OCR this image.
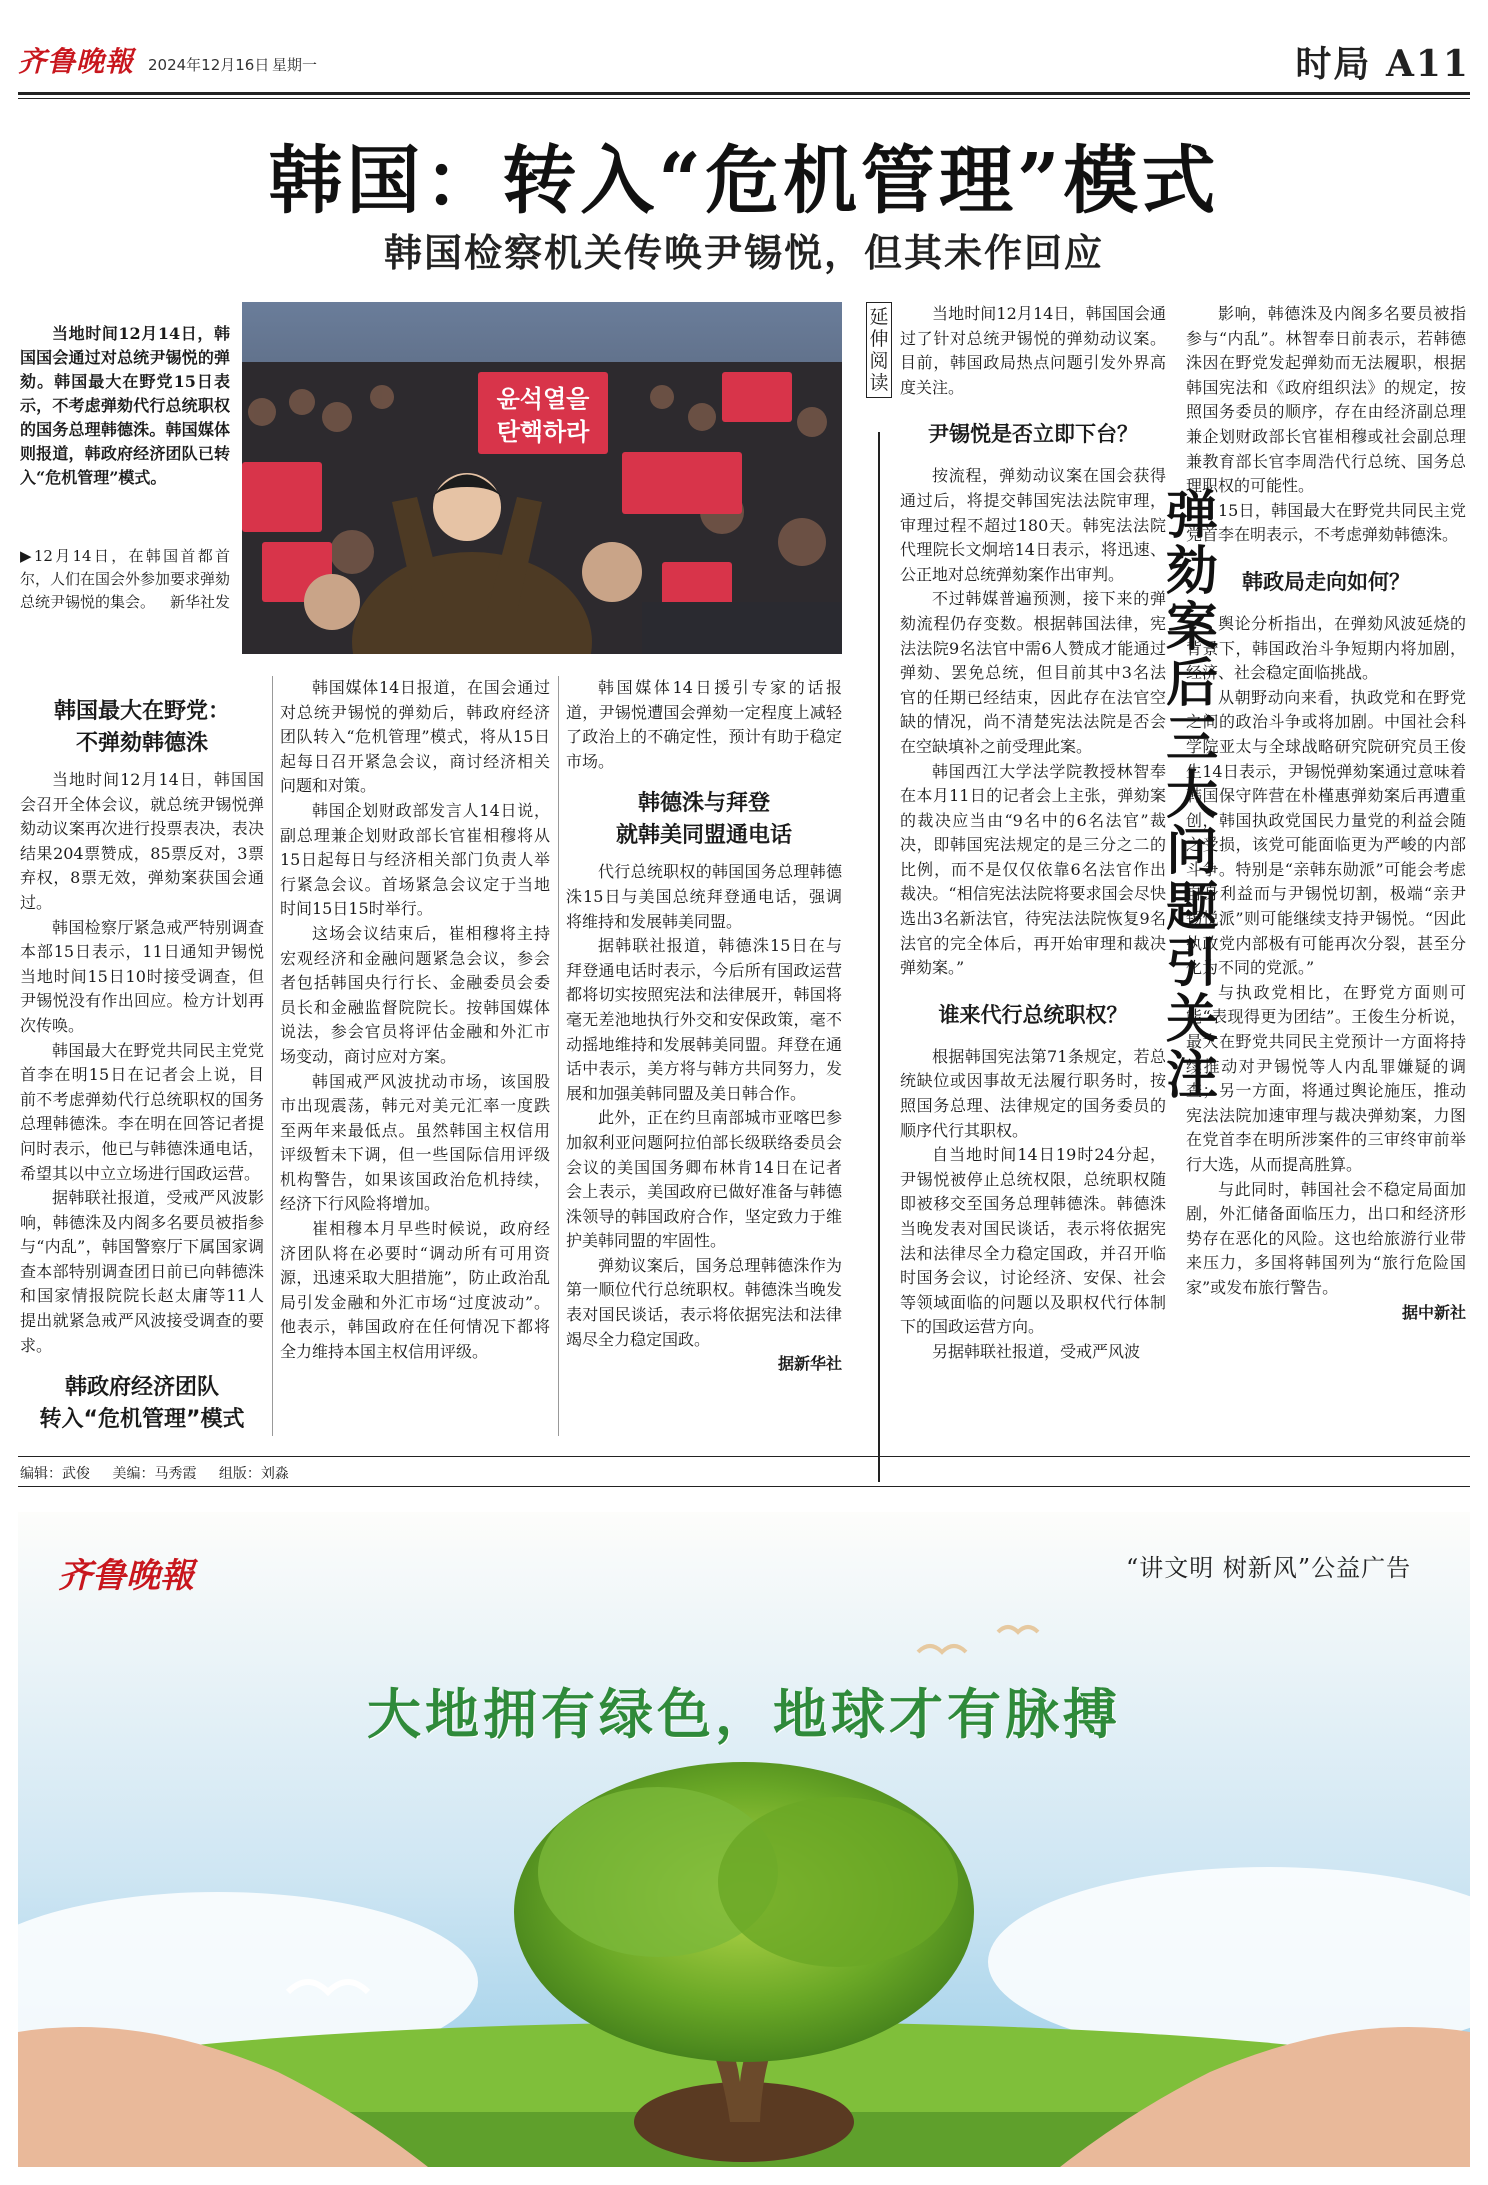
齐鲁晚報 2024年12月16日 星期一	时局 A11
韩国：转入“危机管理”模式
韩国检察机关传唤尹锡悦，但其未作回应

当地时间12月14日，韩国国会通过对总统尹锡悦的弹劾。韩国最大在野党15日表示，不考虑弹劾代行总统职权的国务总理韩德洙。韩国媒体则报道，韩政府经济团队已转入“危机管理”模式。

▶12月14日，在韩国首都首尔，人们在国会外参加要求弹劾总统尹锡悦的集会。 新华社发
윤석열을
탄핵하라
韩国最大在野党：
不弹劾韩德洙

当地时间12月14日，韩国国会召开全体会议，就总统尹锡悦弹劾动议案再次进行投票表决，表决结果204票赞成，85票反对，3票弃权，8票无效，弹劾案获国会通过。

韩国检察厅紧急戒严特别调查本部15日表示，11日通知尹锡悦当地时间15日10时接受调查，但尹锡悦没有作出回应。检方计划再次传唤。

韩国最大在野党共同民主党党首李在明15日在记者会上说，目前不考虑弹劾代行总统职权的国务总理韩德洙。李在明在回答记者提问时表示，他已与韩德洙通电话，希望其以中立立场进行国政运营。

据韩联社报道，受戒严风波影响，韩德洙及内阁多名要员被指参与“内乱”，韩国警察厅下属国家调查本部特别调查团日前已向韩德洙和国家情报院院长赵太庸等11人提出就紧急戒严风波接受调查的要求。

韩政府经济团队
转入“危机管理”模式

韩国媒体14日报道，在国会通过对总统尹锡悦的弹劾后，韩政府经济团队转入“危机管理”模式，将从15日起每日召开紧急会议，商讨经济相关问题和对策。

韩国企划财政部发言人14日说，副总理兼企划财政部长官崔相穆将从15日起每日与经济相关部门负责人举行紧急会议。首场紧急会议定于当地时间15日15时举行。

这场会议结束后，崔相穆将主持宏观经济和金融问题紧急会议，参会者包括韩国央行行长、金融委员会委员长和金融监督院院长。按韩国媒体说法，参会官员将评估金融和外汇市场变动，商讨应对方案。

韩国戒严风波扰动市场，该国股市出现震荡，韩元对美元汇率一度跌至两年来最低点。虽然韩国主权信用评级暂未下调，但一些国际信用评级机构警告，如果该国政治危机持续，经济下行风险将增加。

崔相穆本月早些时候说，政府经济团队将在必要时“调动所有可用资源，迅速采取大胆措施”，防止政治乱局引发金融和外汇市场“过度波动”。他表示，韩国政府在任何情况下都将全力维持本国主权信用评级。

韩国媒体14日援引专家的话报道，尹锡悦遭国会弹劾一定程度上减轻了政治上的不确定性，预计有助于稳定市场。

韩德洙与拜登
就韩美同盟通电话

代行总统职权的韩国国务总理韩德洙15日与美国总统拜登通电话，强调将维持和发展韩美同盟。

据韩联社报道，韩德洙15日在与拜登通电话时表示，今后所有国政运营都将切实按照宪法和法律展开，韩国将毫无差池地执行外交和安保政策，毫不动摇地维持和发展韩美同盟。拜登在通话中表示，美方将与韩方共同努力，发展和加强美韩同盟及美日韩合作。

此外，正在约旦南部城市亚喀巴参加叙利亚问题阿拉伯部长级联络委员会会议的美国国务卿布林肯14日在记者会上表示，美国政府已做好准备与韩德洙领导的韩国政府合作，坚定致力于维护美韩同盟的牢固性。

弹劾议案后，国务总理韩德洙作为第一顺位代行总统职权。韩德洙当晚发表对国民谈话，表示将依据宪法和法律竭尽全力稳定国政。

据新华社
延伸阅读

当地时间12月14日，韩国国会通过了针对总统尹锡悦的弹劾动议案。目前，韩国政局热点问题引发外界高度关注。

尹锡悦是否立即下台？

按流程，弹劾动议案在国会获得通过后，将提交韩国宪法法院审理，审理过程不超过180天。韩宪法法院代理院长文炯培14日表示，将迅速、公正地对总统弹劾案作出审判。

不过韩媒普遍预测，接下来的弹劾流程仍存变数。根据韩国法律，宪法法院9名法官中需6人赞成才能通过弹劾、罢免总统，但目前其中3名法官的任期已经结束，因此存在法官空缺的情况，尚不清楚宪法法院是否会在空缺填补之前受理此案。

韩国西江大学法学院教授林智奉在本月11日的记者会上主张，弹劾案的裁决应当由“9名中的6名法官”裁决，即韩国宪法规定的是三分之二的比例，而不是仅仅依靠6名法官作出裁决。“相信宪法法院将要求国会尽快选出3名新法官，待宪法法院恢复9名法官的完全体后，再开始审理和裁决弹劾案。”

谁来代行总统职权？

根据韩国宪法第71条规定，若总统缺位或因事故无法履行职务时，按照国务总理、法律规定的国务委员的顺序代行其职权。

自当地时间14日19时24分起，尹锡悦被停止总统权限，总统职权随即被移交至国务总理韩德洙。韩德洙当晚发表对国民谈话，表示将依据宪法和法律尽全力稳定国政，并召开临时国务会议，讨论经济、安保、社会等领域面临的问题以及职权代行体制下的国政运营方向。

另据韩联社报道，受戒严风波

影响，韩德洙及内阁多名要员被指参与“内乱”。林智奉日前表示，若韩德洙因在野党发起弹劾而无法履职，根据韩国宪法和《政府组织法》的规定，按照国务委员的顺序，存在由经济副总理兼企划财政部长官崔相穆或社会副总理兼教育部长官李周浩代行总统、国务总理职权的可能性。

15日，韩国最大在野党共同民主党党首李在明表示，不考虑弹劾韩德洙。

韩政局走向如何？

舆论分析指出，在弹劾风波延烧的背景下，韩国政治斗争短期内将加剧，经济、社会稳定面临挑战。

从朝野动向来看，执政党和在野党之间的政治斗争或将加剧。中国社会科学院亚太与全球战略研究院研究员王俊生14日表示，尹锡悦弹劾案通过意味着韩国保守阵营在朴槿惠弹劾案后再遭重创，韩国执政党国民力量党的利益会随之受损，该党可能面临更为严峻的内部斗争。特别是“亲韩东勋派”可能会考虑自身利益而与尹锡悦切割，极端“亲尹锡悦派”则可能继续支持尹锡悦。“因此执政党内部极有可能再次分裂，甚至分化为不同的党派。”

与执政党相比，在野党方面则可能“表现得更为团结”。王俊生分析说，最大在野党共同民主党预计一方面将持续推动对尹锡悦等人内乱罪嫌疑的调查；另一方面，将通过舆论施压，推动宪法法院加速审理与裁决弹劾案，力图在党首李在明所涉案件的三审终审前举行大选，从而提高胜算。

与此同时，韩国社会不稳定局面加剧，外汇储备面临压力，出口和经济形势存在恶化的风险。这也给旅游行业带来压力，多国将韩国列为“旅行危险国家”或发布旅行警告。

据中新社
弹劾案后三大问题引关注
编辑：武俊 美编：马秀霞 组版：刘淼
齐鲁晚報	“讲文明 树新风”公益广告
大地拥有绿色，地球才有脉搏
